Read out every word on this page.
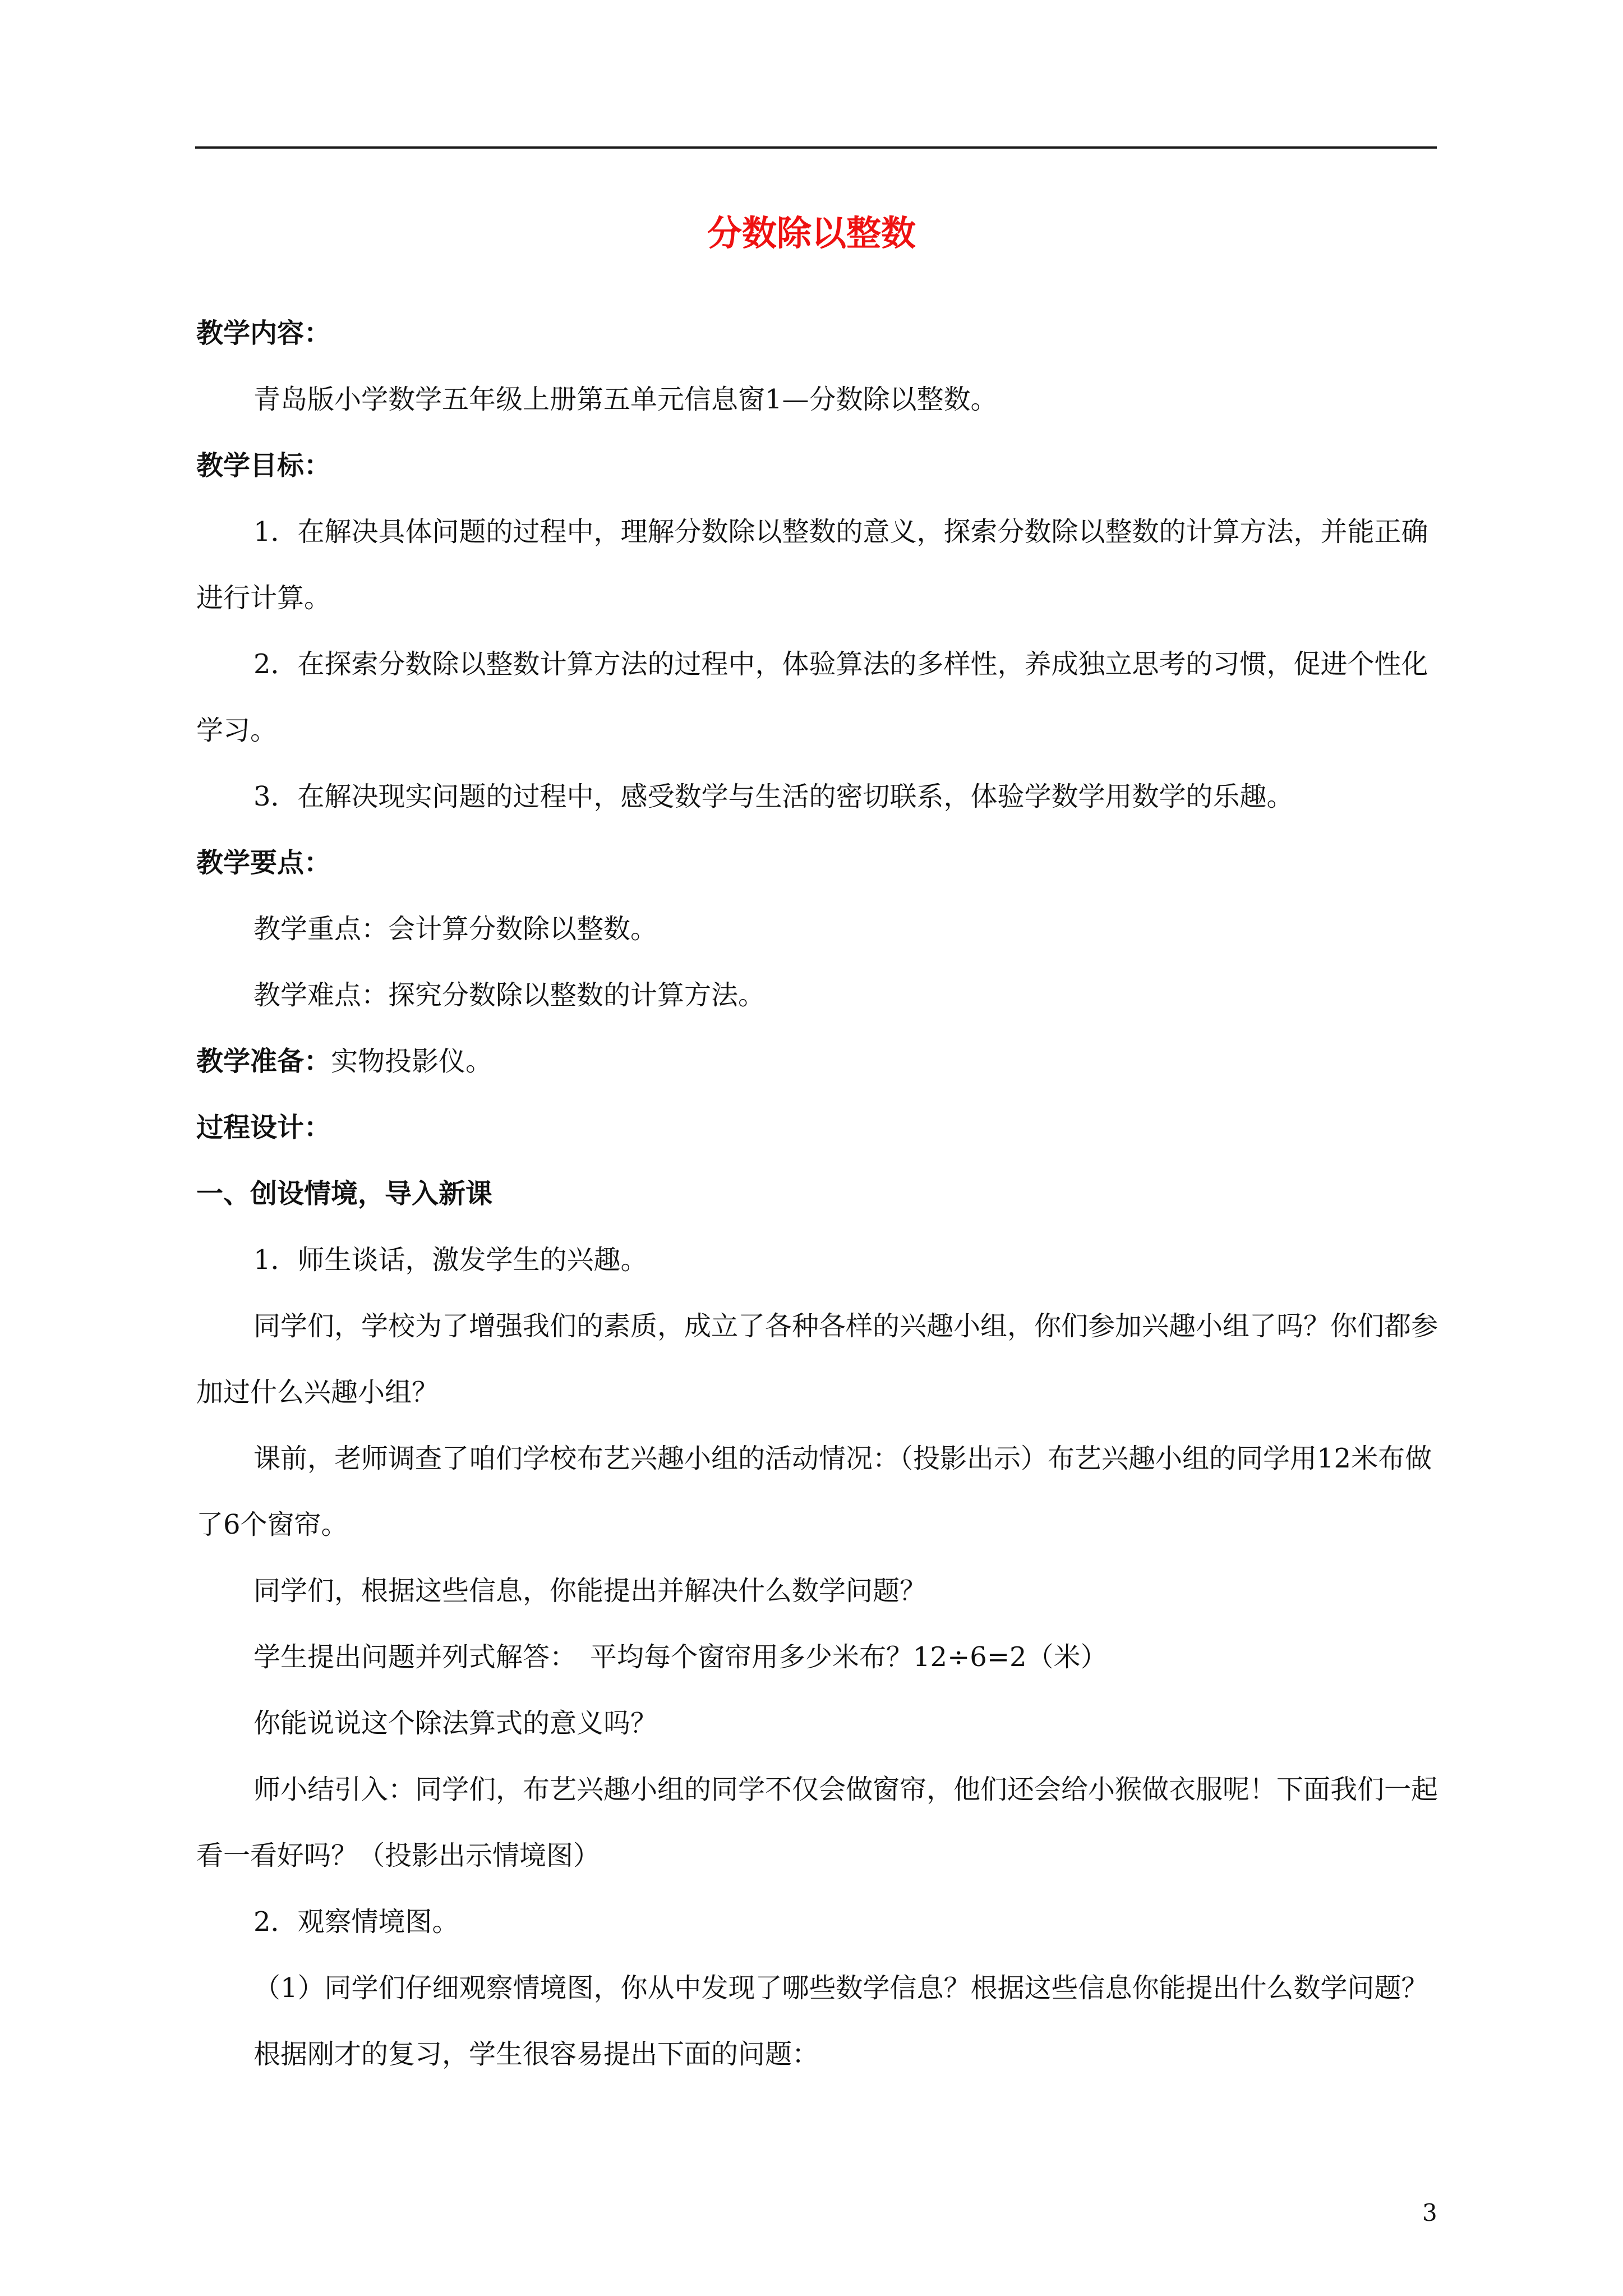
分数除以整数

教学内容：

青岛版小学数学五年级上册第五单元信息窗1—分数除以整数。

教学目标：

1．在解决具体问题的过程中，理解分数除以整数的意义，探索分数除以整数的计算方法，并能正确进行计算。

2．在探索分数除以整数计算方法的过程中，体验算法的多样性，养成独立思考的习惯，促进个性化学习。

3．在解决现实问题的过程中，感受数学与生活的密切联系，体验学数学用数学的乐趣。

教学要点：

教学重点：会计算分数除以整数。

教学难点：探究分数除以整数的计算方法。

教学准备：实物投影仪。

过程设计：

一、创设情境，导入新课

1．师生谈话，激发学生的兴趣。

同学们，学校为了增强我们的素质，成立了各种各样的兴趣小组，你们参加兴趣小组了吗？你们都参加过什么兴趣小组？

课前，老师调查了咱们学校布艺兴趣小组的活动情况：（投影出示）布艺兴趣小组的同学用12米布做了6个窗帘。

同学们，根据这些信息，你能提出并解决什么数学问题？

学生提出问题并列式解答：　平均每个窗帘用多少米布？12÷6=2（米）

你能说说这个除法算式的意义吗？

师小结引入：同学们，布艺兴趣小组的同学不仅会做窗帘，他们还会给小猴做衣服呢！下面我们一起看一看好吗？（投影出示情境图）

2．观察情境图。

（1）同学们仔细观察情境图，你从中发现了哪些数学信息？根据这些信息你能提出什么数学问题？

根据刚才的复习，学生很容易提出下面的问题：

3
